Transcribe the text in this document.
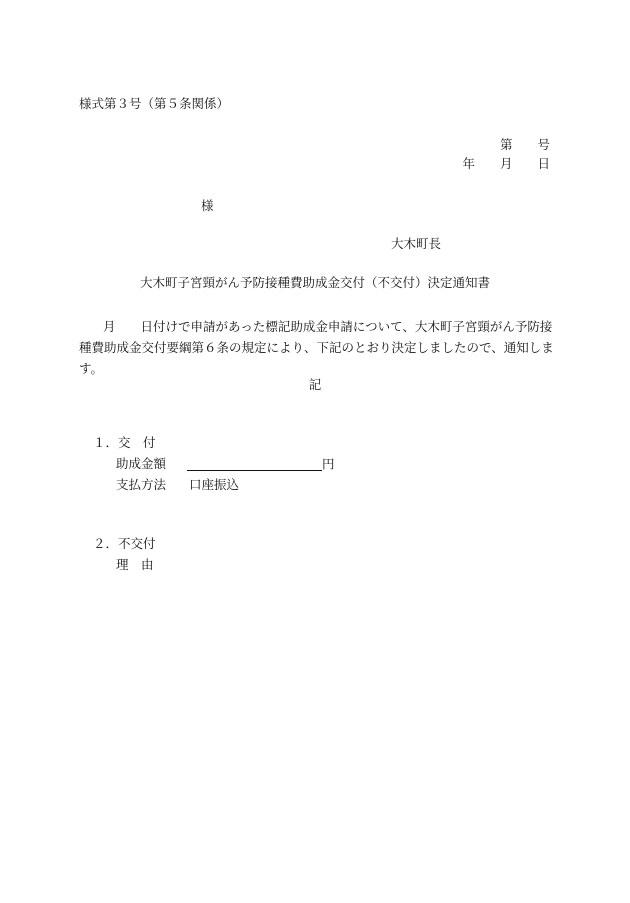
様式第３号（第５条関係）
第　　号
年　　月　　日
様
大木町長
大木町子宮頸がん予防接種費助成金交付（不交付）決定通知書
月　　日付けで申請があった標記助成金申請について、大木町子宮頸がん予防接種費助成金交付要綱第６条の規定により、下記のとおり決定しましたので、通知します。
記
１．交　付
助成金額	円
支払方法 口座振込
２．不交付
理　由
